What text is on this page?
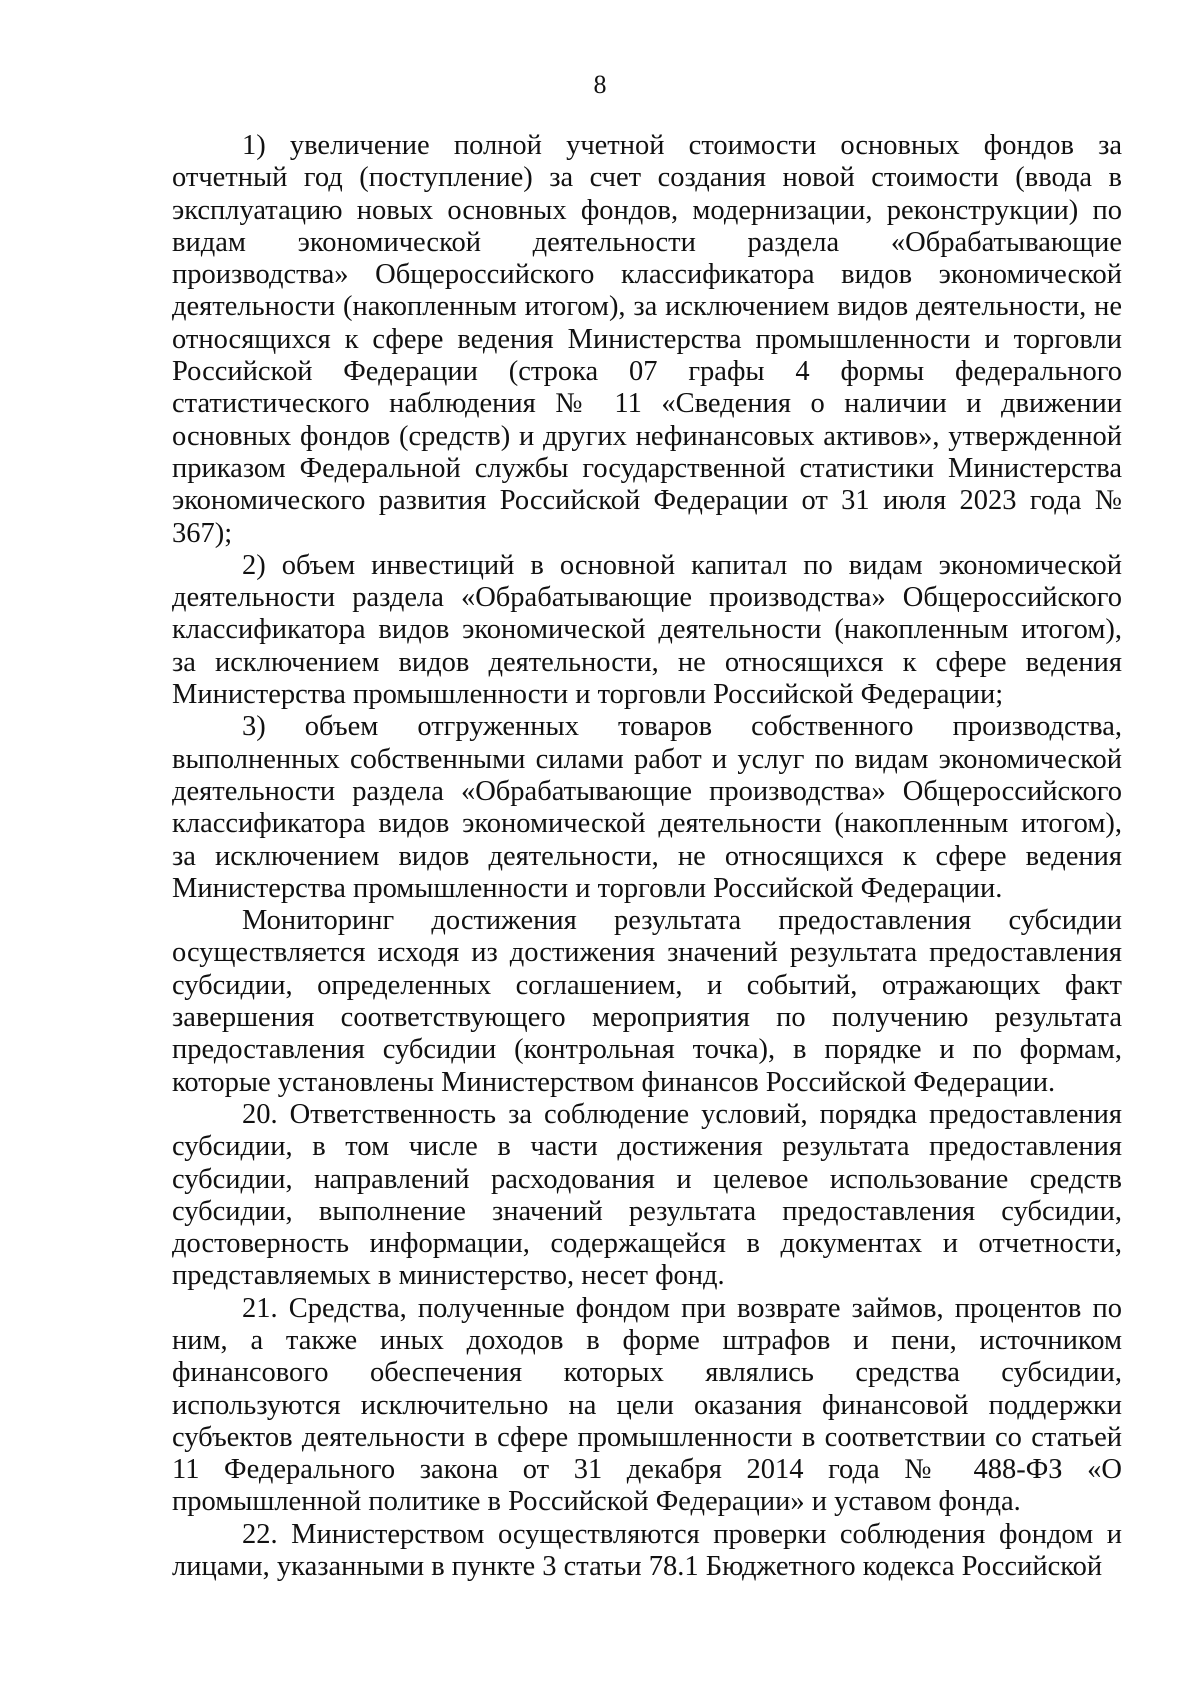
8

1) увеличение полной учетной стоимости основных фондов за отчетный год (поступление) за счет создания новой стоимости (ввода в эксплуатацию новых основных фондов, модернизации, реконструкции) по видам экономической деятельности раздела «Обрабатывающие производства» Общероссийского классификатора видов экономической деятельности (накопленным итогом), за исключением видов деятельности, не относящихся к сфере ведения Министерства промышленности и торговли Российской Федерации (строка 07 графы 4 формы федерального статистического наблюдения № 11 «Сведения о наличии и движении основных фондов (средств) и других нефинансовых активов», утвержденной приказом Федеральной службы государственной статистики Министерства экономического развития Российской Федерации от 31 июля 2023 года № 367);

2) объем инвестиций в основной капитал по видам экономической деятельности раздела «Обрабатывающие производства» Общероссийского классификатора видов экономической деятельности (накопленным итогом), за исключением видов деятельности, не относящихся к сфере ведения Министерства промышленности и торговли Российской Федерации;

3) объем отгруженных товаров собственного производства, выполненных собственными силами работ и услуг по видам экономической деятельности раздела «Обрабатывающие производства» Общероссийского классификатора видов экономической деятельности (накопленным итогом), за исключением видов деятельности, не относящихся к сфере ведения Министерства промышленности и торговли Российской Федерации.

Мониторинг достижения результата предоставления субсидии осуществляется исходя из достижения значений результата предоставления субсидии, определенных соглашением, и событий, отражающих факт завершения соответствующего мероприятия по получению результата предоставления субсидии (контрольная точка), в порядке и по формам, которые установлены Министерством финансов Российской Федерации.

20. Ответственность за соблюдение условий, порядка предоставления субсидии, в том числе в части достижения результата предоставления субсидии, направлений расходования и целевое использование средств субсидии, выполнение значений результата предоставления субсидии, достоверность информации, содержащейся в документах и отчетности, представляемых в министерство, несет фонд.

21. Средства, полученные фондом при возврате займов, процентов по ним, а также иных доходов в форме штрафов и пени, источником финансового обеспечения которых являлись средства субсидии, используются исключительно на цели оказания финансовой поддержки субъектов деятельности в сфере промышленности в соответствии со статьей 11 Федерального закона от 31 декабря 2014 года № 488-ФЗ «О промышленной политике в Российской Федерации» и уставом фонда.

22. Министерством осуществляются проверки соблюдения фондом и лицами, указанными в пункте 3 статьи 78.1 Бюджетного кодекса Российской
